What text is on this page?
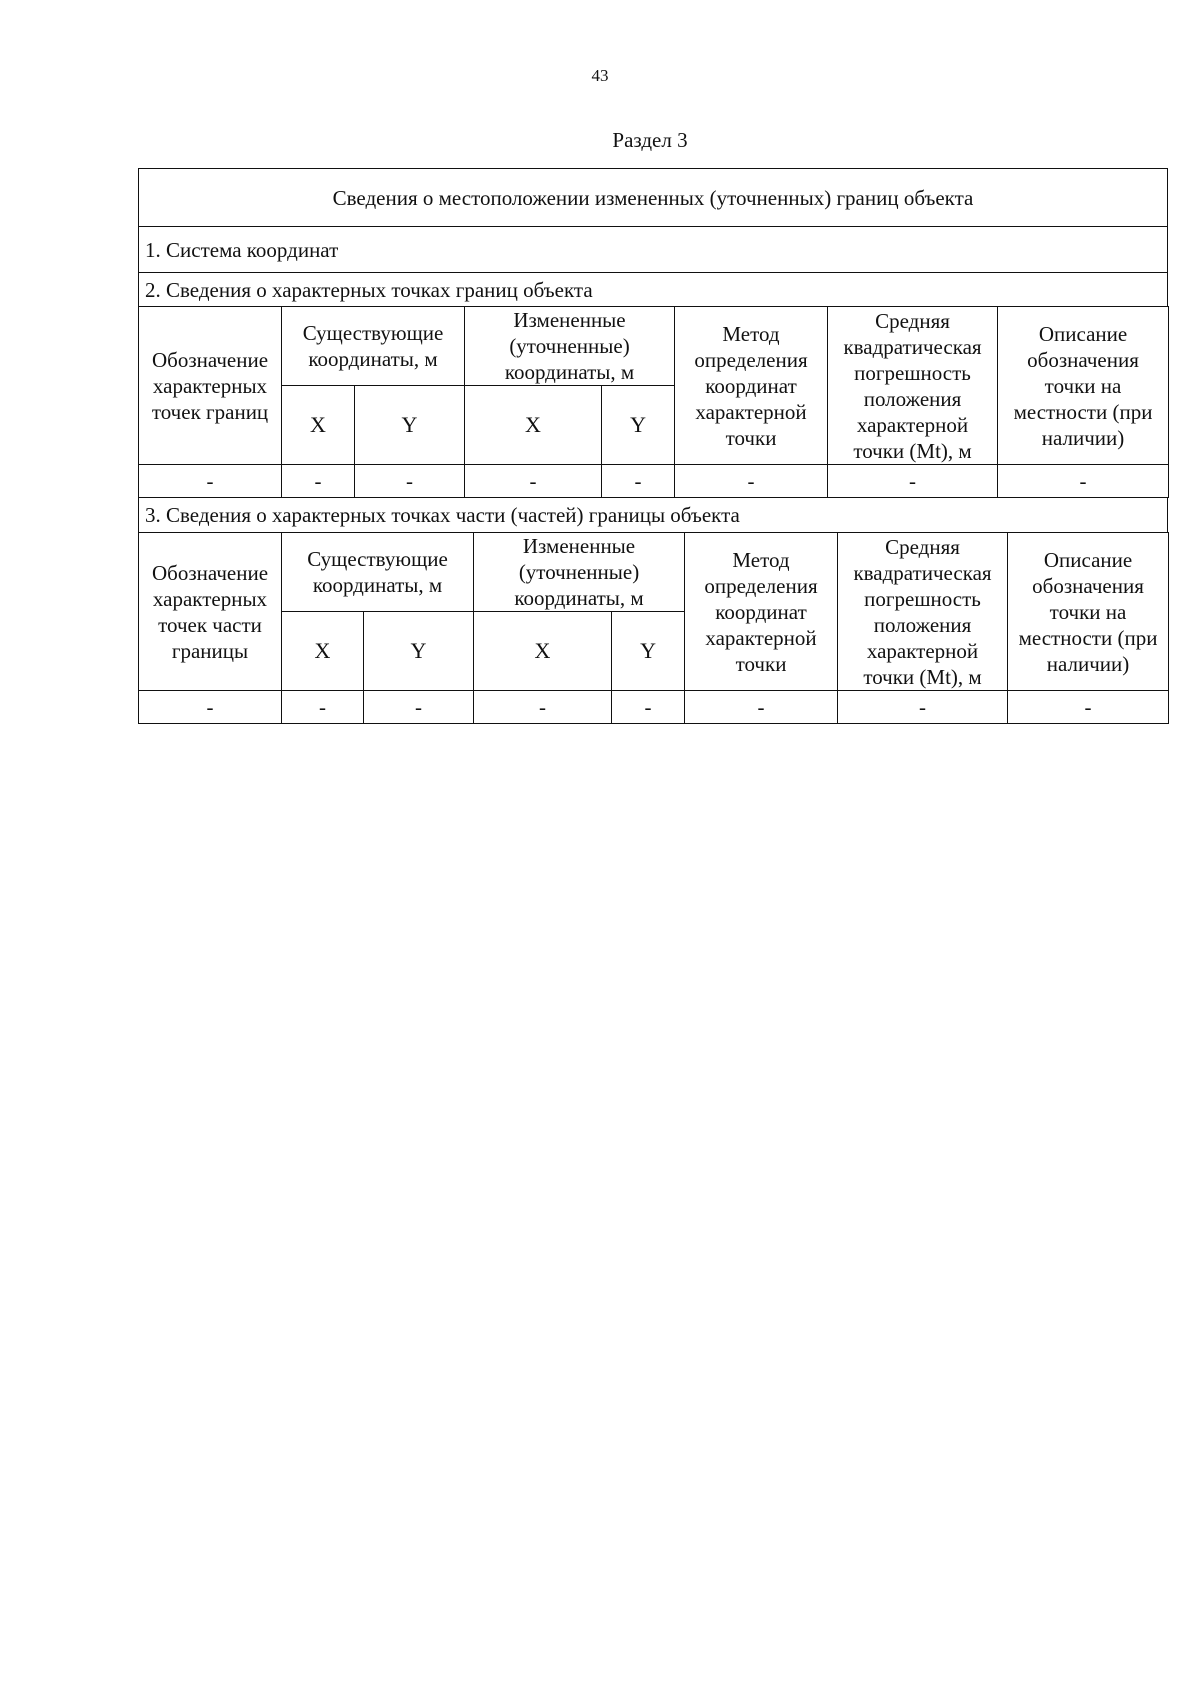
43
Раздел 3
Сведения о местоположении измененных (уточненных) границ объекта
1. Система координат
2. Сведения о характерных точках границ объекта
Обозначение характерных точек границ	Существующие координаты, м		Измененные (уточненные) координаты, м		Метод определения координат характерной точки	Средняя квадратическая погрешность положения характерной точки (Mt), м	Описание обозначения точки на местности (при наличии)
	X	Y	X	Y			
-	-	-	-	-	-	-	-
3. Сведения о характерных точках части (частей) границы объекта
Обозначение характерных точек части границы	Существующие координаты, м		Измененные (уточненные) координаты, м		Метод определения координат характерной точки	Средняя квадратическая погрешность положения характерной точки (Mt), м	Описание обозначения точки на местности (при наличии)
	X	Y	X	Y			
-	-	-	-	-	-	-	-
